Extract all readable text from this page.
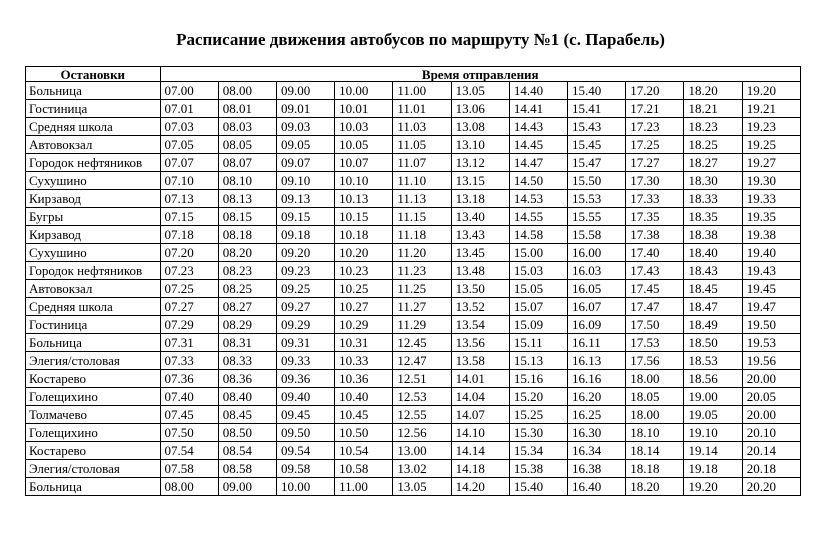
Расписание движения автобусов по маршруту №1 (с. Парабель)
Остановки	Время отправления										
Больница	07.00	08.00	09.00	10.00	11.00	13.05	14.40	15.40	17.20	18.20	19.20
Гостиница	07.01	08.01	09.01	10.01	11.01	13.06	14.41	15.41	17.21	18.21	19.21
Средняя школа	07.03	08.03	09.03	10.03	11.03	13.08	14.43	15.43	17.23	18.23	19.23
Автовокзал	07.05	08.05	09.05	10.05	11.05	13.10	14.45	15.45	17.25	18.25	19.25
Городок нефтяников	07.07	08.07	09.07	10.07	11.07	13.12	14.47	15.47	17.27	18.27	19.27
Сухушино	07.10	08.10	09.10	10.10	11.10	13.15	14.50	15.50	17.30	18.30	19.30
Кирзавод	07.13	08.13	09.13	10.13	11.13	13.18	14.53	15.53	17.33	18.33	19.33
Бугры	07.15	08.15	09.15	10.15	11.15	13.40	14.55	15.55	17.35	18.35	19.35
Кирзавод	07.18	08.18	09.18	10.18	11.18	13.43	14.58	15.58	17.38	18.38	19.38
Сухушино	07.20	08.20	09.20	10.20	11.20	13.45	15.00	16.00	17.40	18.40	19.40
Городок нефтяников	07.23	08.23	09.23	10.23	11.23	13.48	15.03	16.03	17.43	18.43	19.43
Автовокзал	07.25	08.25	09.25	10.25	11.25	13.50	15.05	16.05	17.45	18.45	19.45
Средняя школа	07.27	08.27	09.27	10.27	11.27	13.52	15.07	16.07	17.47	18.47	19.47
Гостиница	07.29	08.29	09.29	10.29	11.29	13.54	15.09	16.09	17.50	18.49	19.50
Больница	07.31	08.31	09.31	10.31	12.45	13.56	15.11	16.11	17.53	18.50	19.53
Элегия/столовая	07.33	08.33	09.33	10.33	12.47	13.58	15.13	16.13	17.56	18.53	19.56
Костарево	07.36	08.36	09.36	10.36	12.51	14.01	15.16	16.16	18.00	18.56	20.00
Голещихино	07.40	08.40	09.40	10.40	12.53	14.04	15.20	16.20	18.05	19.00	20.05
Толмачево	07.45	08.45	09.45	10.45	12.55	14.07	15.25	16.25	18.00	19.05	20.00
Голещихино	07.50	08.50	09.50	10.50	12.56	14.10	15.30	16.30	18.10	19.10	20.10
Костарево	07.54	08.54	09.54	10.54	13.00	14.14	15.34	16.34	18.14	19.14	20.14
Элегия/столовая	07.58	08.58	09.58	10.58	13.02	14.18	15.38	16.38	18.18	19.18	20.18
Больница	08.00	09.00	10.00	11.00	13.05	14.20	15.40	16.40	18.20	19.20	20.20
